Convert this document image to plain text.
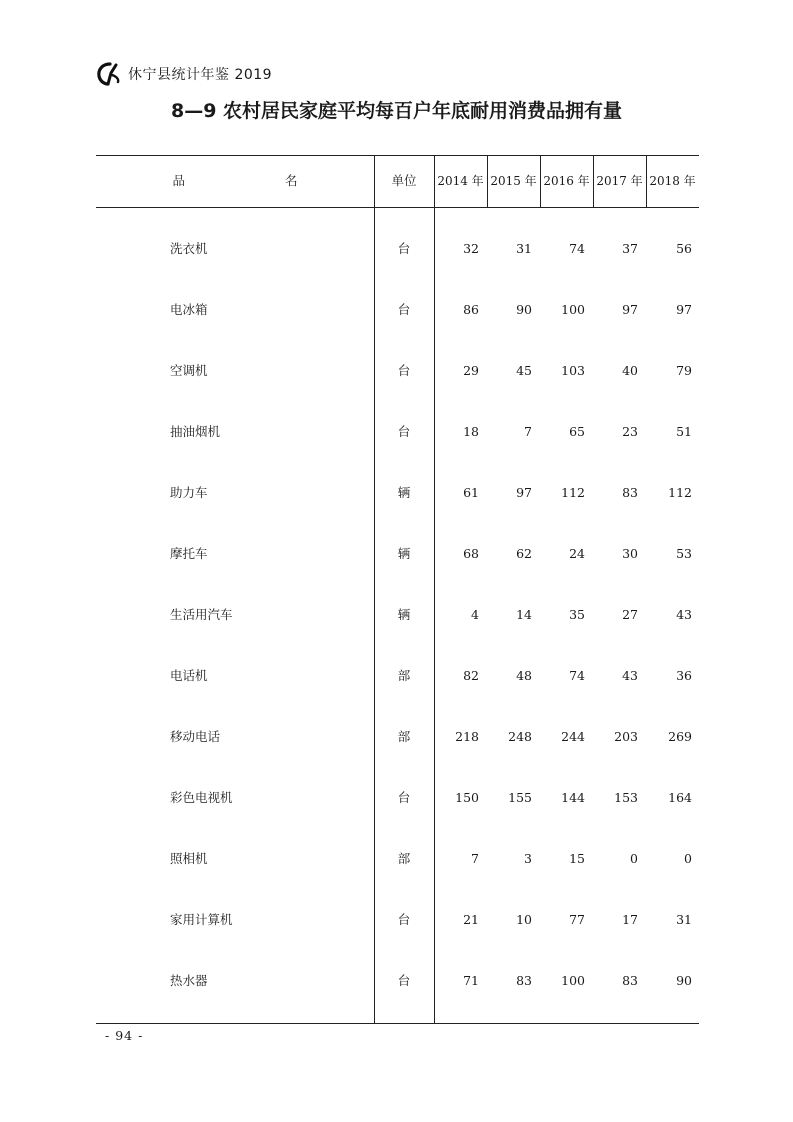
休宁县统计年鉴 2019
8—9 农村居民家庭平均每百户年底耐用消费品拥有量
品 名	单位	2014 年 2015 年 2016 年 2017 年 2018 年
洗衣机	台	32	31	74	37	56
电冰箱	台	86	90	100	97	97
空调机	台	29	45	103	40	79
抽油烟机	台	18	7	65	23	51
助力车	辆	61	97	112	83	112
摩托车	辆	68	62	24	30	53
生活用汽车	辆	4	14	35	27	43
电话机	部	82	48	74	43	36
移动电话	部	218	248	244	203	269
彩色电视机	台	150	155	144	153	164
照相机	部	7	3	15	0	0
家用计算机	台	21	10	77	17	31
热水器	台	71	83	100	83	90
- 94 -
